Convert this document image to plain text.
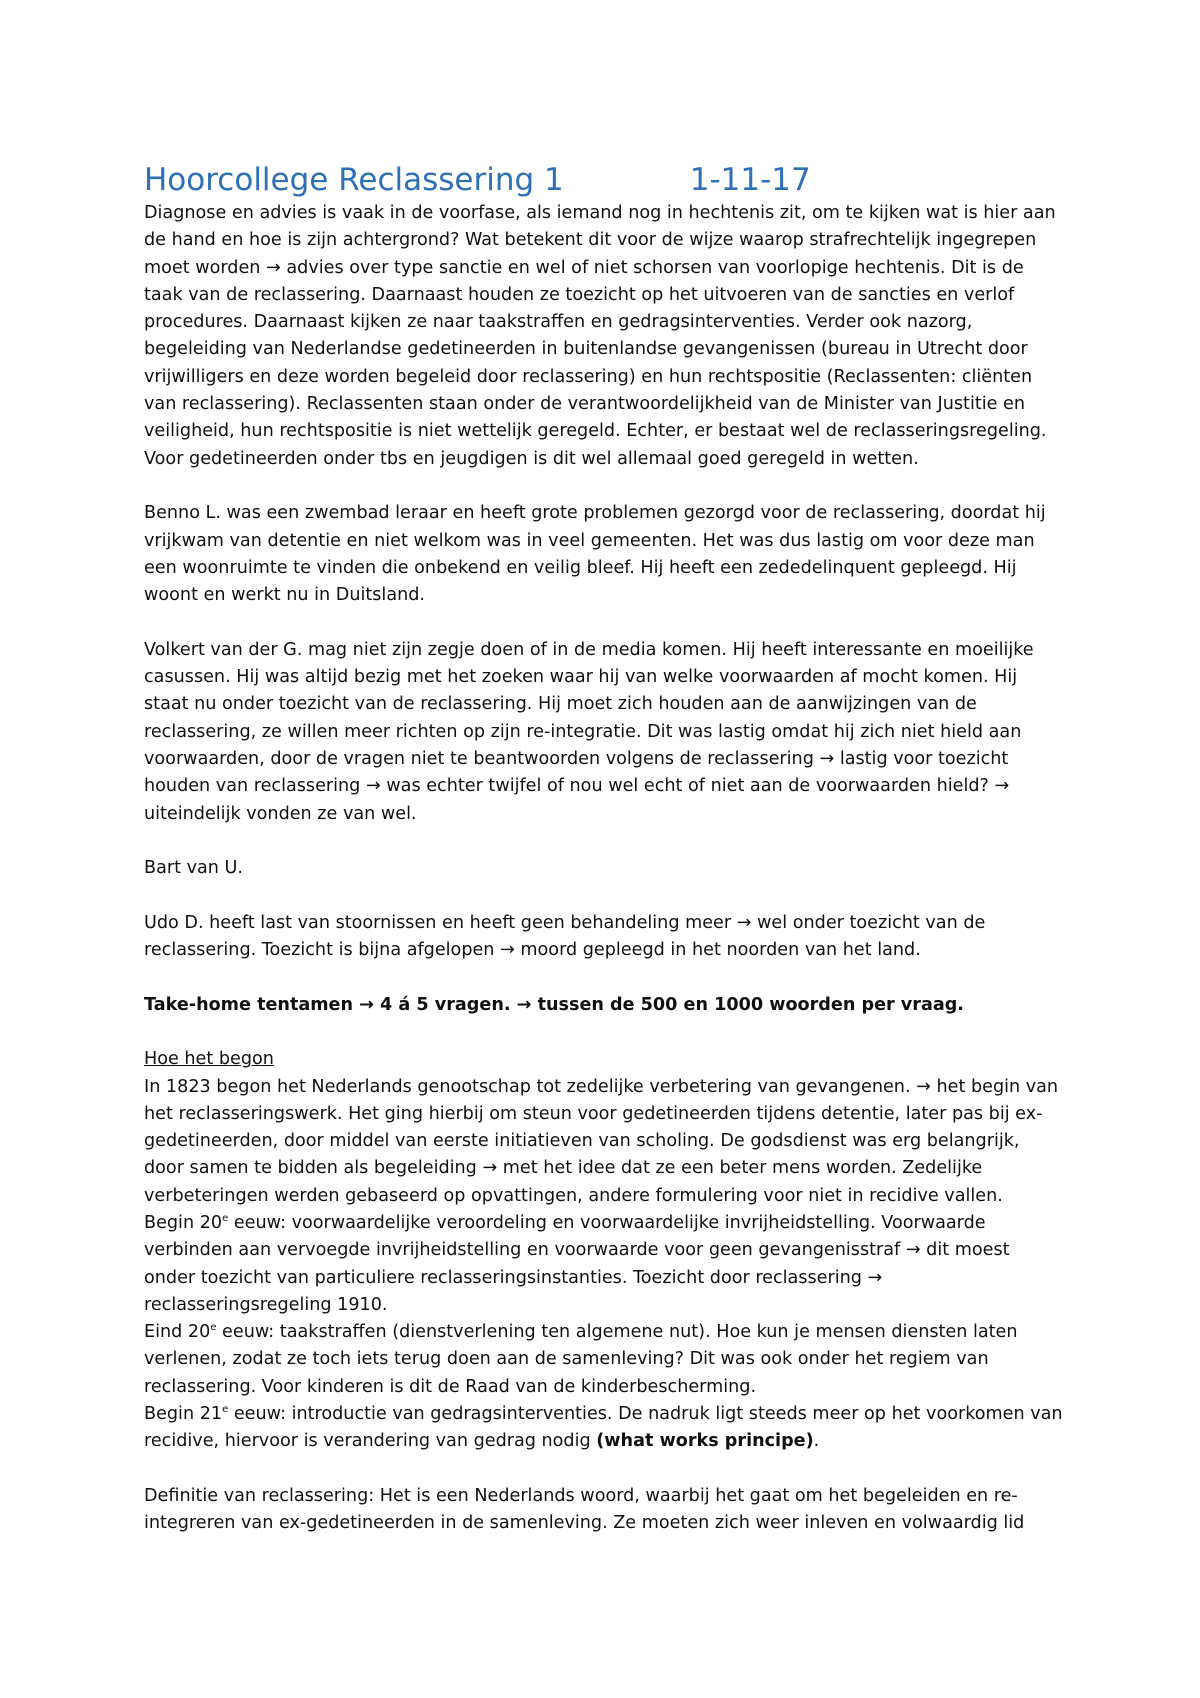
Hoorcollege Reclassering 1	1-11-17

Diagnose en advies is vaak in de voorfase, als iemand nog in hechtenis zit, om te kijken wat is hier aan de hand en hoe is zijn achtergrond? Wat betekent dit voor de wijze waarop strafrechtelijk ingegrepen moet worden → advies over type sanctie en wel of niet schorsen van voorlopige hechtenis. Dit is de taak van de reclassering. Daarnaast houden ze toezicht op het uitvoeren van de sancties en verlof procedures. Daarnaast kijken ze naar taakstraffen en gedragsinterventies. Verder ook nazorg, begeleiding van Nederlandse gedetineerden in buitenlandse gevangenissen (bureau in Utrecht door vrijwilligers en deze worden begeleid door reclassering) en hun rechtspositie (Reclassenten: cliënten van reclassering). Reclassenten staan onder de verantwoordelijkheid van de Minister van Justitie en veiligheid, hun rechtspositie is niet wettelijk geregeld. Echter, er bestaat wel de reclasseringsregeling. Voor gedetineerden onder tbs en jeugdigen is dit wel allemaal goed geregeld in wetten.

Benno L. was een zwembad leraar en heeft grote problemen gezorgd voor de reclassering, doordat hij vrijkwam van detentie en niet welkom was in veel gemeenten. Het was dus lastig om voor deze man een woonruimte te vinden die onbekend en veilig bleef. Hij heeft een zededelinquent gepleegd. Hij woont en werkt nu in Duitsland.

Volkert van der G. mag niet zijn zegje doen of in de media komen. Hij heeft interessante en moeilijke casussen. Hij was altijd bezig met het zoeken waar hij van welke voorwaarden af mocht komen. Hij staat nu onder toezicht van de reclassering. Hij moet zich houden aan de aanwijzingen van de reclassering, ze willen meer richten op zijn re-integratie. Dit was lastig omdat hij zich niet hield aan voorwaarden, door de vragen niet te beantwoorden volgens de reclassering → lastig voor toezicht houden van reclassering → was echter twijfel of nou wel echt of niet aan de voorwaarden hield? → uiteindelijk vonden ze van wel.

Bart van U.

Udo D. heeft last van stoornissen en heeft geen behandeling meer → wel onder toezicht van de reclassering. Toezicht is bijna afgelopen → moord gepleegd in het noorden van het land.

Take-home tentamen → 4 á 5 vragen. → tussen de 500 en 1000 woorden per vraag.

Hoe het begon

In 1823 begon het Nederlands genootschap tot zedelijke verbetering van gevangenen. → het begin van het reclasseringswerk. Het ging hierbij om steun voor gedetineerden tijdens detentie, later pas bij ex-gedetineerden, door middel van eerste initiatieven van scholing. De godsdienst was erg belangrijk, door samen te bidden als begeleiding → met het idee dat ze een beter mens worden. Zedelijke verbeteringen werden gebaseerd op opvattingen, andere formulering voor niet in recidive vallen.

Begin 20e eeuw: voorwaardelijke veroordeling en voorwaardelijke invrijheidstelling. Voorwaarde verbinden aan vervoegde invrijheidstelling en voorwaarde voor geen gevangenisstraf → dit moest onder toezicht van particuliere reclasseringsinstanties. Toezicht door reclassering → reclasseringsregeling 1910.

Eind 20e eeuw: taakstraffen (dienstverlening ten algemene nut). Hoe kun je mensen diensten laten verlenen, zodat ze toch iets terug doen aan de samenleving? Dit was ook onder het regiem van reclassering. Voor kinderen is dit de Raad van de kinderbescherming.

Begin 21e eeuw: introductie van gedragsinterventies. De nadruk ligt steeds meer op het voorkomen van recidive, hiervoor is verandering van gedrag nodig (what works principe).

Definitie van reclassering: Het is een Nederlands woord, waarbij het gaat om het begeleiden en re-integreren van ex-gedetineerden in de samenleving. Ze moeten zich weer inleven en volwaardig lid
